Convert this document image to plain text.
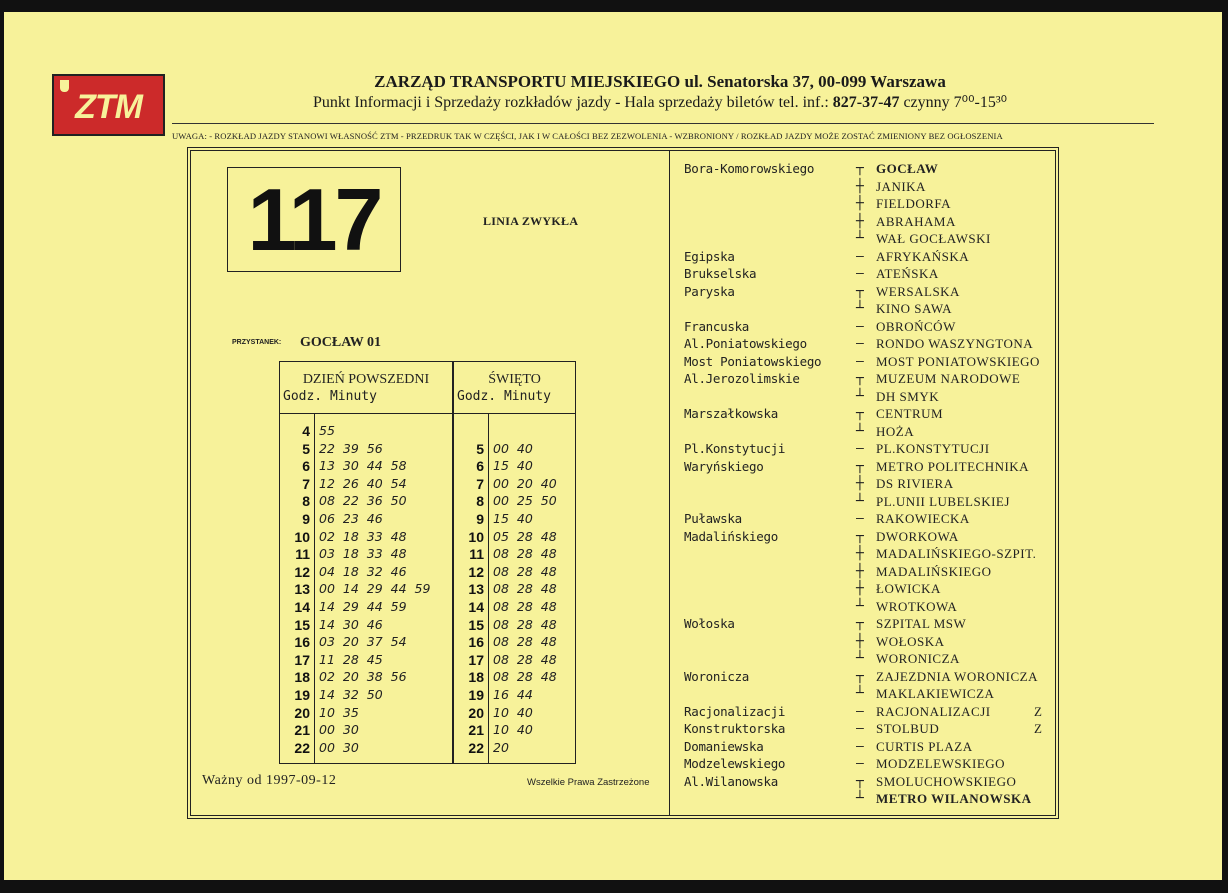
ZTM
ZARZĄD TRANSPORTU MIEJSKIEGO ul. Senatorska 37, 00-099 Warszawa
Punkt Informacji i Sprzedaży rozkładów jazdy - Hala sprzedaży biletów tel. inf.: 827-37-47 czynny 7⁰⁰-15³⁰
UWAGA: - ROZKŁAD JAZDY STANOWI WŁASNOŚĆ ZTM - PRZEDRUK TAK W CZĘŚCI, JAK I W CAŁOŚCI BEZ ZEZWOLENIA - WZBRONIONY / ROZKŁAD JAZDY MOŻE ZOSTAĆ ZMIENIONY BEZ OGŁOSZENIA
117	LINIA ZWYKŁA
PRZYSTANEK: GOCŁAW 01
DZIEŃ POWSZEDNI
Godz. Minuty
4 55
5 22 39 56
6 13 30 44 58
7 12 26 40 54
8 08 22 36 50
9 06 23 46
10 02 18 33 48
11 03 18 33 48
12 04 18 32 46
13 00 14 29 44 59
14 14 29 44 59
15 14 30 46
16 03 20 37 54
17 11 28 45
18 02 20 38 56
19 14 32 50
20 10 35
21 00 30
22 00 30
ŚWIĘTO
Godz. Minuty
5 00 40
6 15 40
7 00 20 40
8 00 25 50
9 15 40
10 05 28 48
11 08 28 48
12 08 28 48
13 08 28 48
14 08 28 48
15 08 28 48
16 08 28 48
17 08 28 48
18 08 28 48
19 16 44
20 10 40
21 10 40
22 20
Ważny od 1997-09-12	Wszelkie Prawa Zastrzeżone
Bora-Komorowskiego	┬ GOCŁAW
┼ JANIKA
┼ FIELDORFA
┼ ABRAHAMA
┴ WAŁ GOCŁAWSKI
Egipska	– AFRYKAŃSKA
Brukselska	– ATEŃSKA
Paryska	┬ WERSALSKA
┴ KINO SAWA
Francuska	– OBROŃCÓW
Al.Poniatowskiego	– RONDO WASZYNGTONA
Most Poniatowskiego	– MOST PONIATOWSKIEGO
Al.Jerozolimskie	┬ MUZEUM NARODOWE
┴ DH SMYK
Marszałkowska	┬ CENTRUM
┴ HOŻA
Pl.Konstytucji	– PL.KONSTYTUCJI
Waryńskiego	┬ METRO POLITECHNIKA
┼ DS RIVIERA
┴ PL.UNII LUBELSKIEJ
Puławska	– RAKOWIECKA
Madalińskiego	┬ DWORKOWA
┼ MADALIŃSKIEGO-SZPIT.
┼ MADALIŃSKIEGO
┼ ŁOWICKA
┴ WROTKOWA
Wołoska	┬ SZPITAL MSW
┼ WOŁOSKA
┴ WORONICZA
Woronicza	┬ ZAJEZDNIA WORONICZA
┴ MAKLAKIEWICZA
Racjonalizacji	– RACJONALIZACJI	Z
Konstruktorska	– STOLBUD	Z
Domaniewska	– CURTIS PLAZA
Modzelewskiego	– MODZELEWSKIEGO
Al.Wilanowska	┬ SMOLUCHOWSKIEGO
┴ METRO WILANOWSKA
